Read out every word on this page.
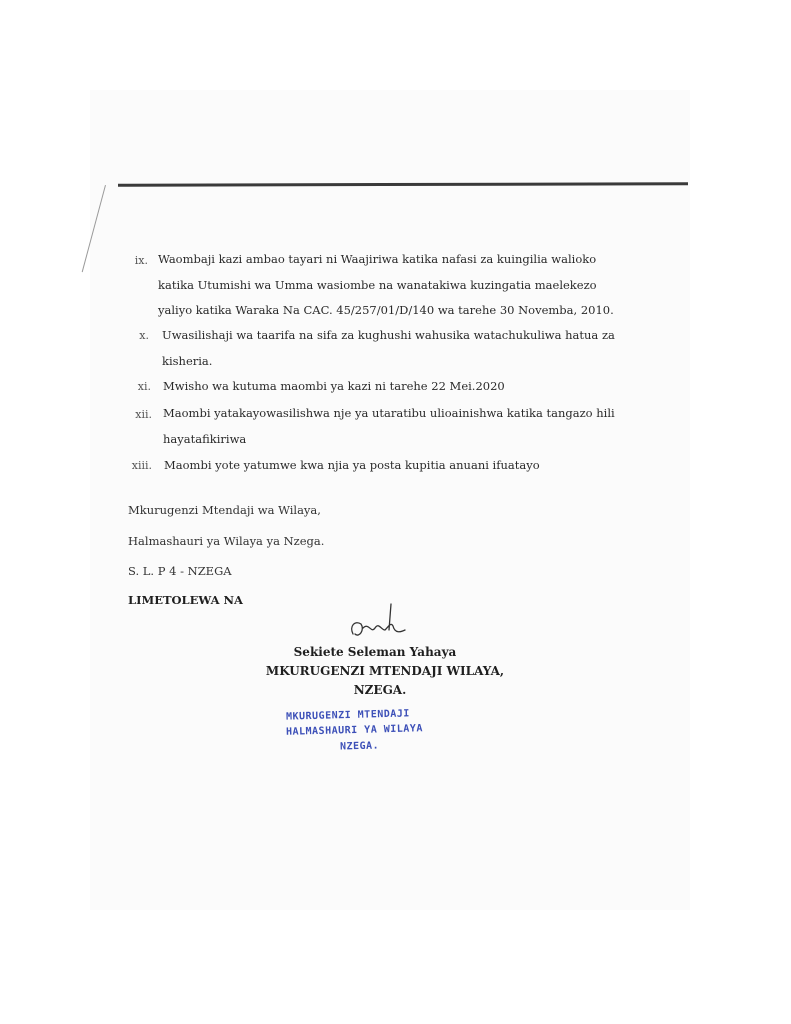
ix. Waombaji kazi ambao tayari ni Waajiriwa katika nafasi za kuingilia walioko
katika Utumishi wa Umma wasiombe na wanatakiwa kuzingatia maelekezo
yaliyo katika Waraka Na CAC. 45/257/01/D/140 wa tarehe 30 Novemba, 2010.
x. Uwasilishaji wa taarifa na sifa za kughushi wahusika watachukuliwa hatua za
kisheria.
xi. Mwisho wa kutuma maombi ya kazi ni tarehe 22 Mei.2020
xii. Maombi yatakayowasilishwa nje ya utaratibu ulioainishwa katika tangazo hili
hayatafikiriwa
xiii. Maombi yote yatumwe kwa njia ya posta kupitia anuani ifuatayo
Mkurugenzi Mtendaji wa Wilaya,
Halmashauri ya Wilaya ya Nzega.
S. L. P 4 - NZEGA
LIMETOLEWA NA
Sekiete Seleman Yahaya
MKURUGENZI MTENDAJI WILAYA,
NZEGA.
MKURUGENZI MTENDAJI
HALMASHAURI YA WILAYA
NZEGA.
